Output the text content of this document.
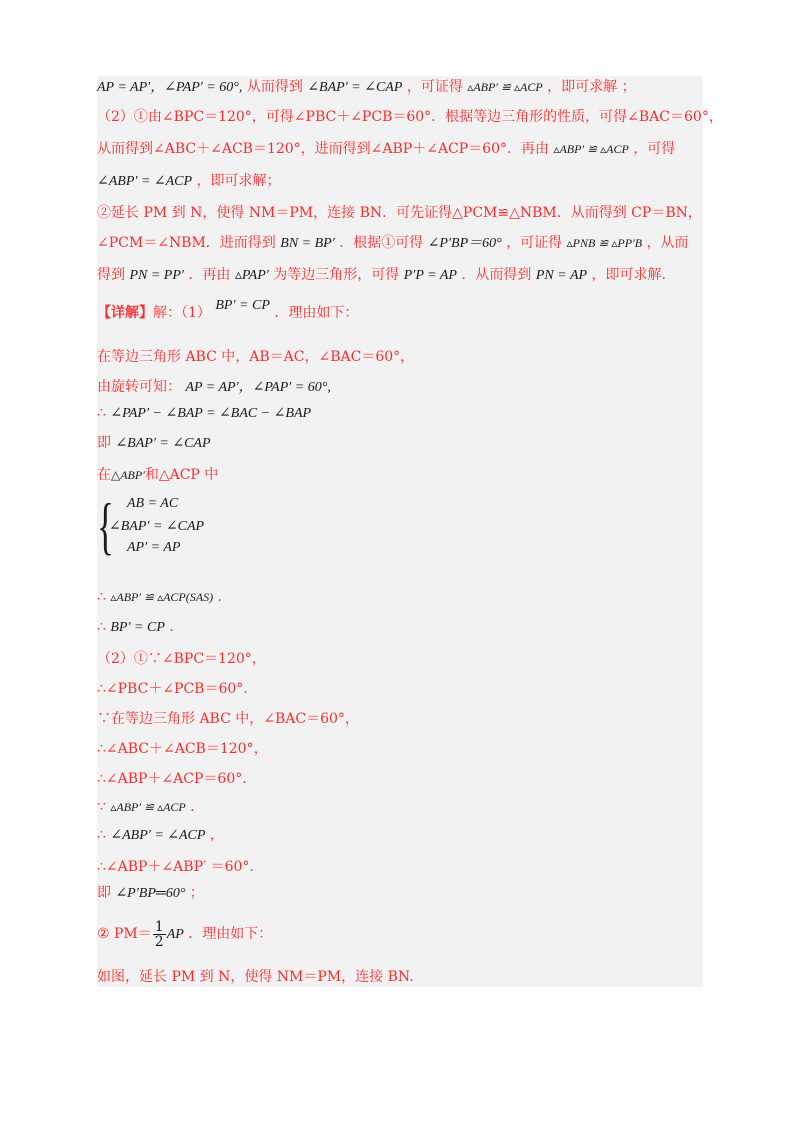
AP = AP′，∠PAP′ = 60°, 从而得到 ∠BAP′ = ∠CAP ，可证得 ▵ABP′ ≌ ▵ACP ，即可求解 ；
（2）①由∠BPC＝120°，可得∠PBC＋∠PCB＝60°．根据等边三角形的性质，可得∠BAC＝60°，
从而得到∠ABC＋∠ACB＝120°，进而得到∠ABP＋∠ACP＝60°．再由 ▵ABP′ ≌ ▵ACP ，可得
∠ABP′ = ∠ACP ，即可求解；
②延长 PM 到 N，使得 NM＝PM，连接 BN．可先证得△PCM≌△NBM．从而得到 CP＝BN，
∠PCM＝∠NBM．进而得到 BN = BP′ ．根据①可得 ∠P′BP＝60° ，可证得 ▵PNB ≌ ▵PP′B ，从而
得到 PN = PP′ ．再由 ▵PAP′ 为等边三角形，可得 P′P = AP ．从而得到 PN = AP ，即可求解.
【详解】解：（1） BP′ = CP ．理由如下：
在等边三角形 ABC 中，AB＝AC，∠BAC＝60°，
由旋转可知： AP = AP′，∠PAP′ = 60°,
∴ ∠PAP′ − ∠BAP = ∠BAC − ∠BAP
即 ∠BAP′ = ∠CAP
在△ABP′和△ACP 中
{ AB = AC
∠BAP′ = ∠CAP
AP′ = AP
∴ ▵ABP′ ≌ ▵ACP(SAS) ．
∴ BP′ = CP ．
（2）①∵∠BPC＝120°，
∴∠PBC＋∠PCB＝60°.
∵在等边三角形 ABC 中，∠BAC＝60°，
∴∠ABC＋∠ACB＝120°，
∴∠ABP＋∠ACP＝60°.
∵ ▵ABP′ ≌ ▵ACP ．
∴ ∠ABP′ = ∠ACP ，
∴∠ABP＋∠ABP′ ＝60°.
即 ∠P′BP═60° ；
② $PM= \frac{1}{2}$ AP ．理由如下：
如图，延长 PM 到 N，使得 NM＝PM，连接 BN.
